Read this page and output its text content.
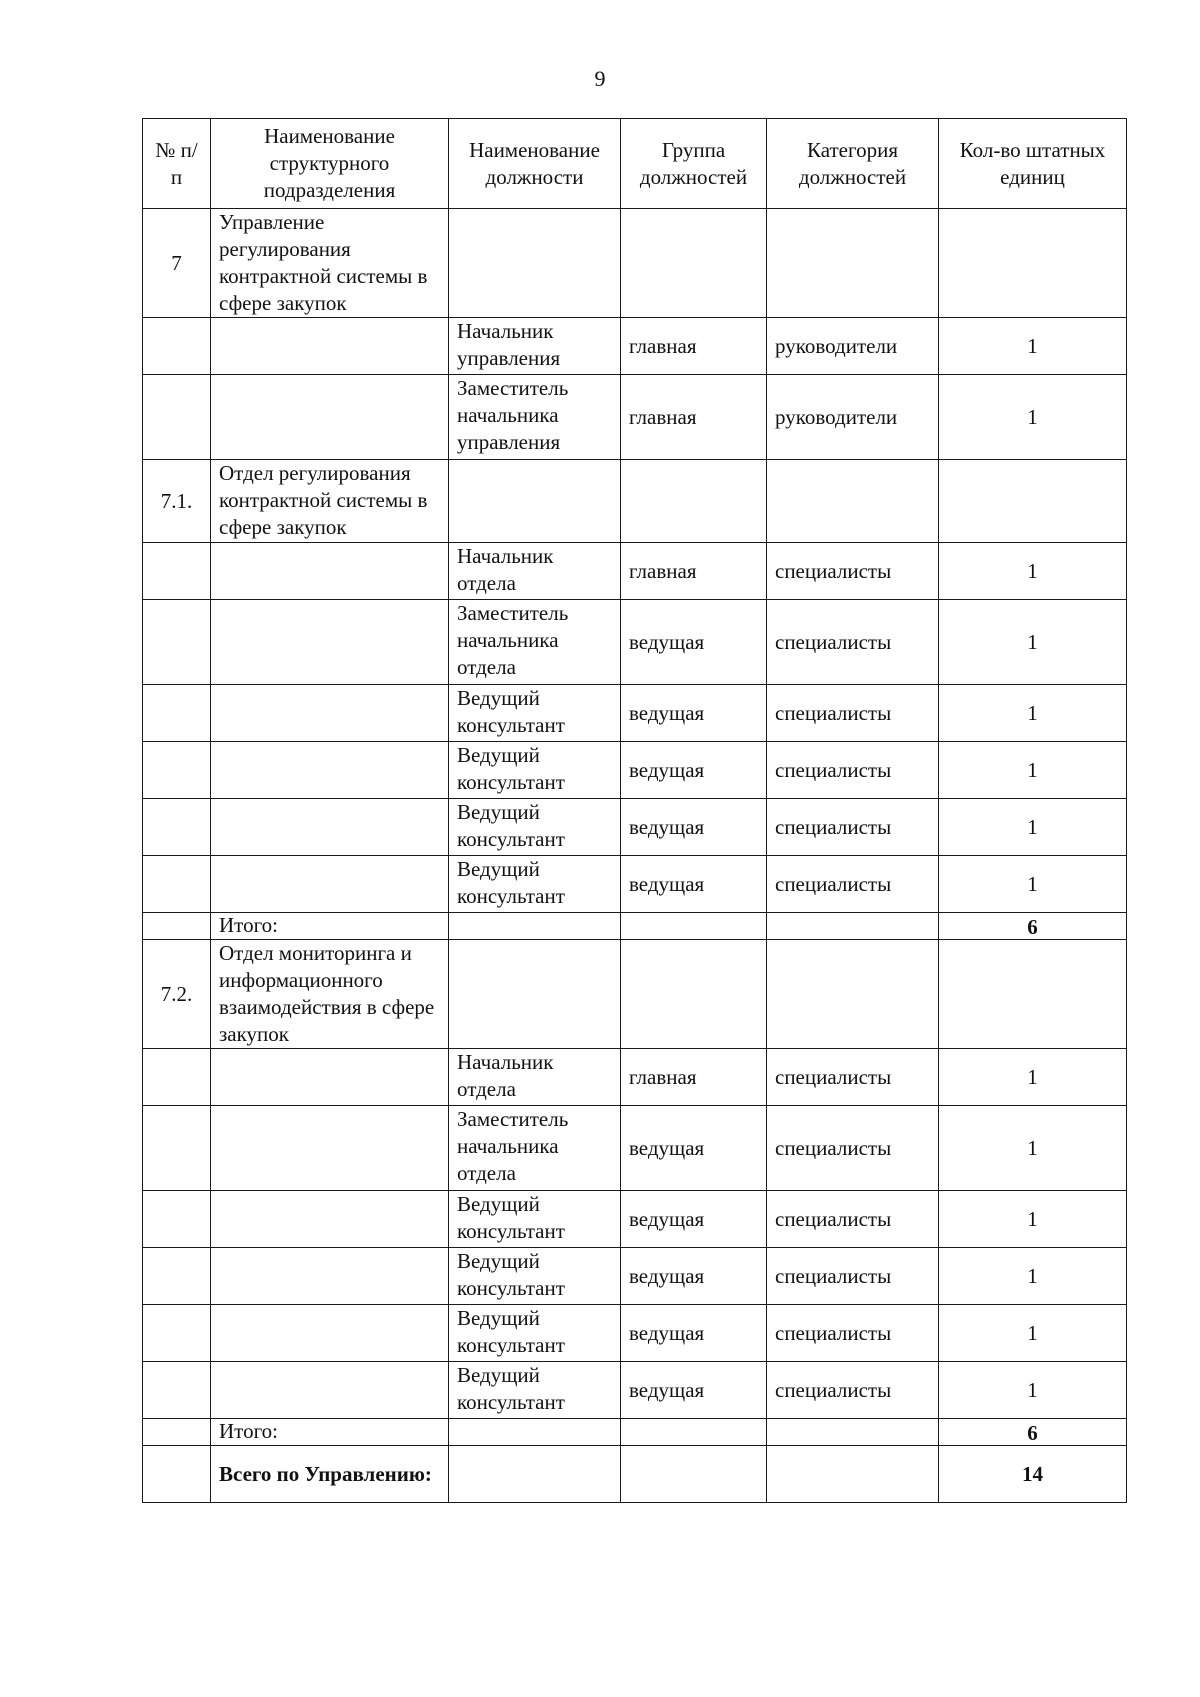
9
№ п/п	Наименование структурного подразделения	Наименование должности	Группа должностей	Категория должностей	Кол-во штатных единиц
7	Управление регулирования контрактной системы в сфере закупок				
		Начальник управления	главная	руководители	1
		Заместитель начальника управления	главная	руководители	1
7.1.	Отдел регулирования контрактной системы в сфере закупок				
		Начальник отдела	главная	специалисты	1
		Заместитель начальника отдела	ведущая	специалисты	1
		Ведущий консультант	ведущая	специалисты	1
		Ведущий консультант	ведущая	специалисты	1
		Ведущий консультант	ведущая	специалисты	1
		Ведущий консультант	ведущая	специалисты	1
	Итого:				6
7.2.	Отдел мониторинга и информационного взаимодействия в сфере закупок				
		Начальник отдела	главная	специалисты	1
		Заместитель начальника отдела	ведущая	специалисты	1
		Ведущий консультант	ведущая	специалисты	1
		Ведущий консультант	ведущая	специалисты	1
		Ведущий консультант	ведущая	специалисты	1
		Ведущий консультант	ведущая	специалисты	1
	Итого:				6
	Всего по Управлению:				14
